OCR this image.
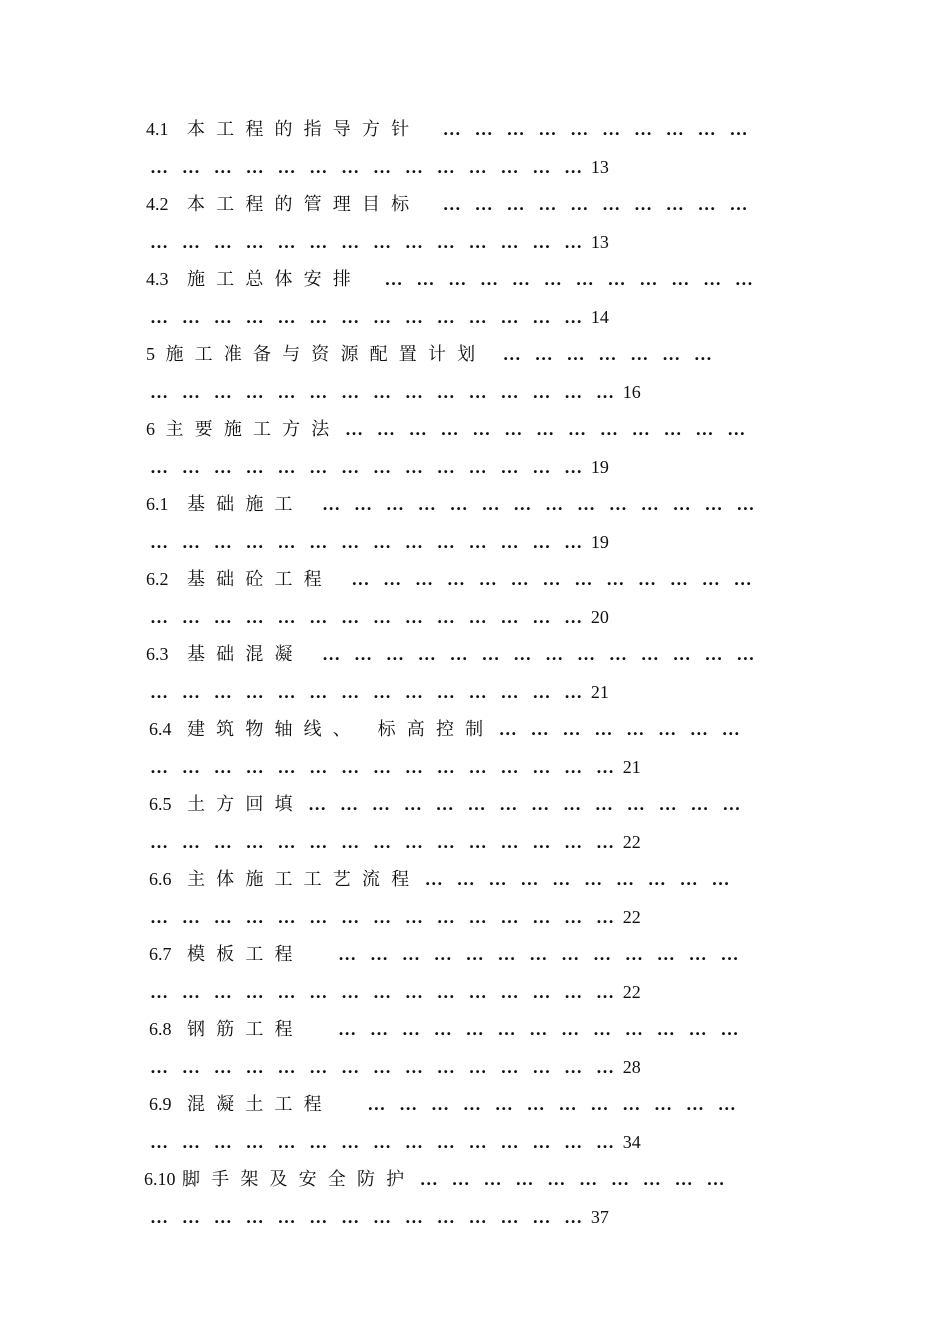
4.1 本工程的指导方针 … … … … … … … … … …
… … … … … … … … … … … … … … 13
4.2 本工程的管理目标 … … … … … … … … … …
… … … … … … … … … … … … … … 13
4.3 施工总体安排 … … … … … … … … … … … …
… … … … … … … … … … … … … … 14
5 施工准备与资源配置计划 … … … … … … …
… … … … … … … … … … … … … … … 16
6 主要施工方法 … … … … … … … … … … … … …
… … … … … … … … … … … … … … 19
6.1 基础施工 … … … … … … … … … … … … … …
… … … … … … … … … … … … … … 19
6.2 基础砼工程 … … … … … … … … … … … … …
… … … … … … … … … … … … … … 20
6.3 基础混凝 … … … … … … … … … … … … … …
… … … … … … … … … … … … … … 21
6.4 建筑物轴线、 标高控制 … … … … … … … …
… … … … … … … … … … … … … … … 21
6.5 土方回填 … … … … … … … … … … … … … …
… … … … … … … … … … … … … … … 22
6.6 主体施工工艺流程 … … … … … … … … … …
… … … … … … … … … … … … … … … 22
6.7 模板工程 … … … … … … … … … … … … …
… … … … … … … … … … … … … … … 22
6.8 钢筋工程 … … … … … … … … … … … … …
… … … … … … … … … … … … … … … 28
6.9 混凝土工程 … … … … … … … … … … … …
… … … … … … … … … … … … … … … 34
6.10 脚手架及安全防护 … … … … … … … … … …
… … … … … … … … … … … … … … 37
